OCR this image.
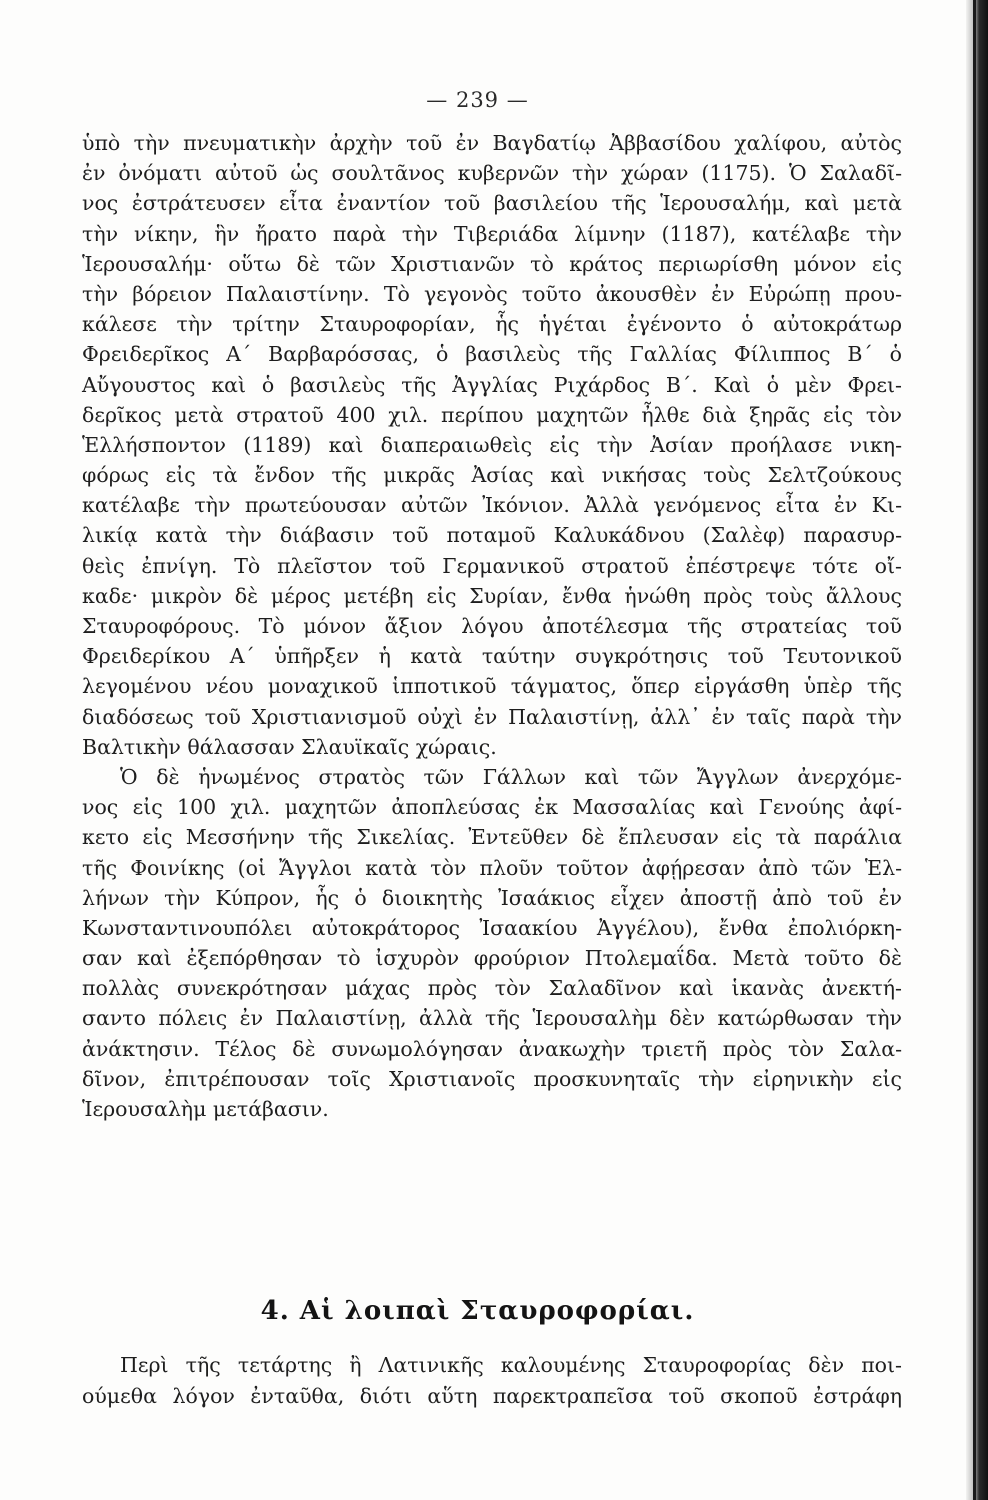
— 239 —
ὑπὸ τὴν πνευματικὴν ἀρχὴν τοῦ ἐν Βαγδατίῳ Ἀββασίδου χαλίφου, αὐτὸς
ἐν ὀνόματι αὐτοῦ ὡς σουλτᾶνος κυβερνῶν τὴν χώραν (1175). Ὁ Σαλαδῖ-
νος ἐστράτευσεν εἶτα ἐναντίον τοῦ βασιλείου τῆς Ἱερουσαλήμ, καὶ μετὰ
τὴν νίκην, ἣν ἤρατο παρὰ τὴν Τιβεριάδα λίμνην (1187), κατέλαβε τὴν
Ἱερουσαλήμ· οὕτω δὲ τῶν Χριστιανῶν τὸ κράτος περιωρίσθη μόνον εἰς
τὴν βόρειον Παλαιστίνην. Τὸ γεγονὸς τοῦτο ἀκουσθὲν ἐν Εὐρώπῃ πρου-
κάλεσε τὴν τρίτην Σταυροφορίαν, ἧς ἡγέται ἐγένοντο ὁ αὐτοκράτωρ
Φρειδερῖκος Α΄ Βαρβαρόσσας, ὁ βασιλεὺς τῆς Γαλλίας Φίλιππος Β΄ ὁ
Αὔγουστος καὶ ὁ βασιλεὺς τῆς Ἀγγλίας Ριχάρδος Β΄. Καὶ ὁ μὲν Φρει-
δερῖκος μετὰ στρατοῦ 400 χιλ. περίπου μαχητῶν ἦλθε διὰ ξηρᾶς εἰς τὸν
Ἑλλήσποντον (1189) καὶ διαπεραιωθεὶς εἰς τὴν Ἀσίαν προήλασε νικη-
φόρως εἰς τὰ ἔνδον τῆς μικρᾶς Ἀσίας καὶ νικήσας τοὺς Σελτζούκους
κατέλαβε τὴν πρωτεύουσαν αὐτῶν Ἰκόνιον. Ἀλλὰ γενόμενος εἶτα ἐν Κι-
λικίᾳ κατὰ τὴν διάβασιν τοῦ ποταμοῦ Καλυκάδνου (Σαλὲφ) παρασυρ-
θεὶς ἐπνίγη. Τὸ πλεῖστον τοῦ Γερμανικοῦ στρατοῦ ἐπέστρεψε τότε οἴ-
καδε· μικρὸν δὲ μέρος μετέβη εἰς Συρίαν, ἔνθα ἡνώθη πρὸς τοὺς ἄλλους
Σταυροφόρους. Τὸ μόνον ἄξιον λόγου ἀποτέλεσμα τῆς στρατείας τοῦ
Φρειδερίκου Α΄ ὑπῆρξεν ἡ κατὰ ταύτην συγκρότησις τοῦ Τευτονικοῦ
λεγομένου νέου μοναχικοῦ ἱπποτικοῦ τάγματος, ὅπερ εἰργάσθη ὑπὲρ τῆς
διαδόσεως τοῦ Χριστιανισμοῦ οὐχὶ ἐν Παλαιστίνῃ, ἀλλ᾽ ἐν ταῖς παρὰ τὴν
Βαλτικὴν θάλασσαν Σλαυϊκαῖς χώραις.
Ὁ δὲ ἡνωμένος στρατὸς τῶν Γάλλων καὶ τῶν Ἄγγλων ἀνερχόμε-
νος εἰς 100 χιλ. μαχητῶν ἀποπλεύσας ἐκ Μασσαλίας καὶ Γενούης ἀφί-
κετο εἰς Μεσσήνην τῆς Σικελίας. Ἐντεῦθεν δὲ ἔπλευσαν εἰς τὰ παράλια
τῆς Φοινίκης (οἱ Ἄγγλοι κατὰ τὸν πλοῦν τοῦτον ἀφῄρεσαν ἀπὸ τῶν Ἑλ-
λήνων τὴν Κύπρον, ἧς ὁ διοικητὴς Ἰσαάκιος εἶχεν ἀποστῇ ἀπὸ τοῦ ἐν
Κωνσταντινουπόλει αὐτοκράτορος Ἰσαακίου Ἀγγέλου), ἔνθα ἐπολιόρκη-
σαν καὶ ἐξεπόρθησαν τὸ ἰσχυρὸν φρούριον Πτολεμαΐδα. Μετὰ τοῦτο δὲ
πολλὰς συνεκρότησαν μάχας πρὸς τὸν Σαλαδῖνον καὶ ἱκανὰς ἀνεκτή-
σαντο πόλεις ἐν Παλαιστίνῃ, ἀλλὰ τῆς Ἱερουσαλὴμ δὲν κατώρθωσαν τὴν
ἀνάκτησιν. Τέλος δὲ συνωμολόγησαν ἀνακωχὴν τριετῆ πρὸς τὸν Σαλα-
δῖνον, ἐπιτρέπουσαν τοῖς Χριστιανοῖς προσκυνηταῖς τὴν εἰρηνικὴν εἰς
Ἱερουσαλὴμ μετάβασιν.
4. Αἱ λοιπαὶ Σταυροφορίαι.
Περὶ τῆς τετάρτης ἢ Λατινικῆς καλουμένης Σταυροφορίας δὲν ποι-
ούμεθα λόγον ἐνταῦθα, διότι αὕτη παρεκτραπεῖσα τοῦ σκοποῦ ἐστράφη
